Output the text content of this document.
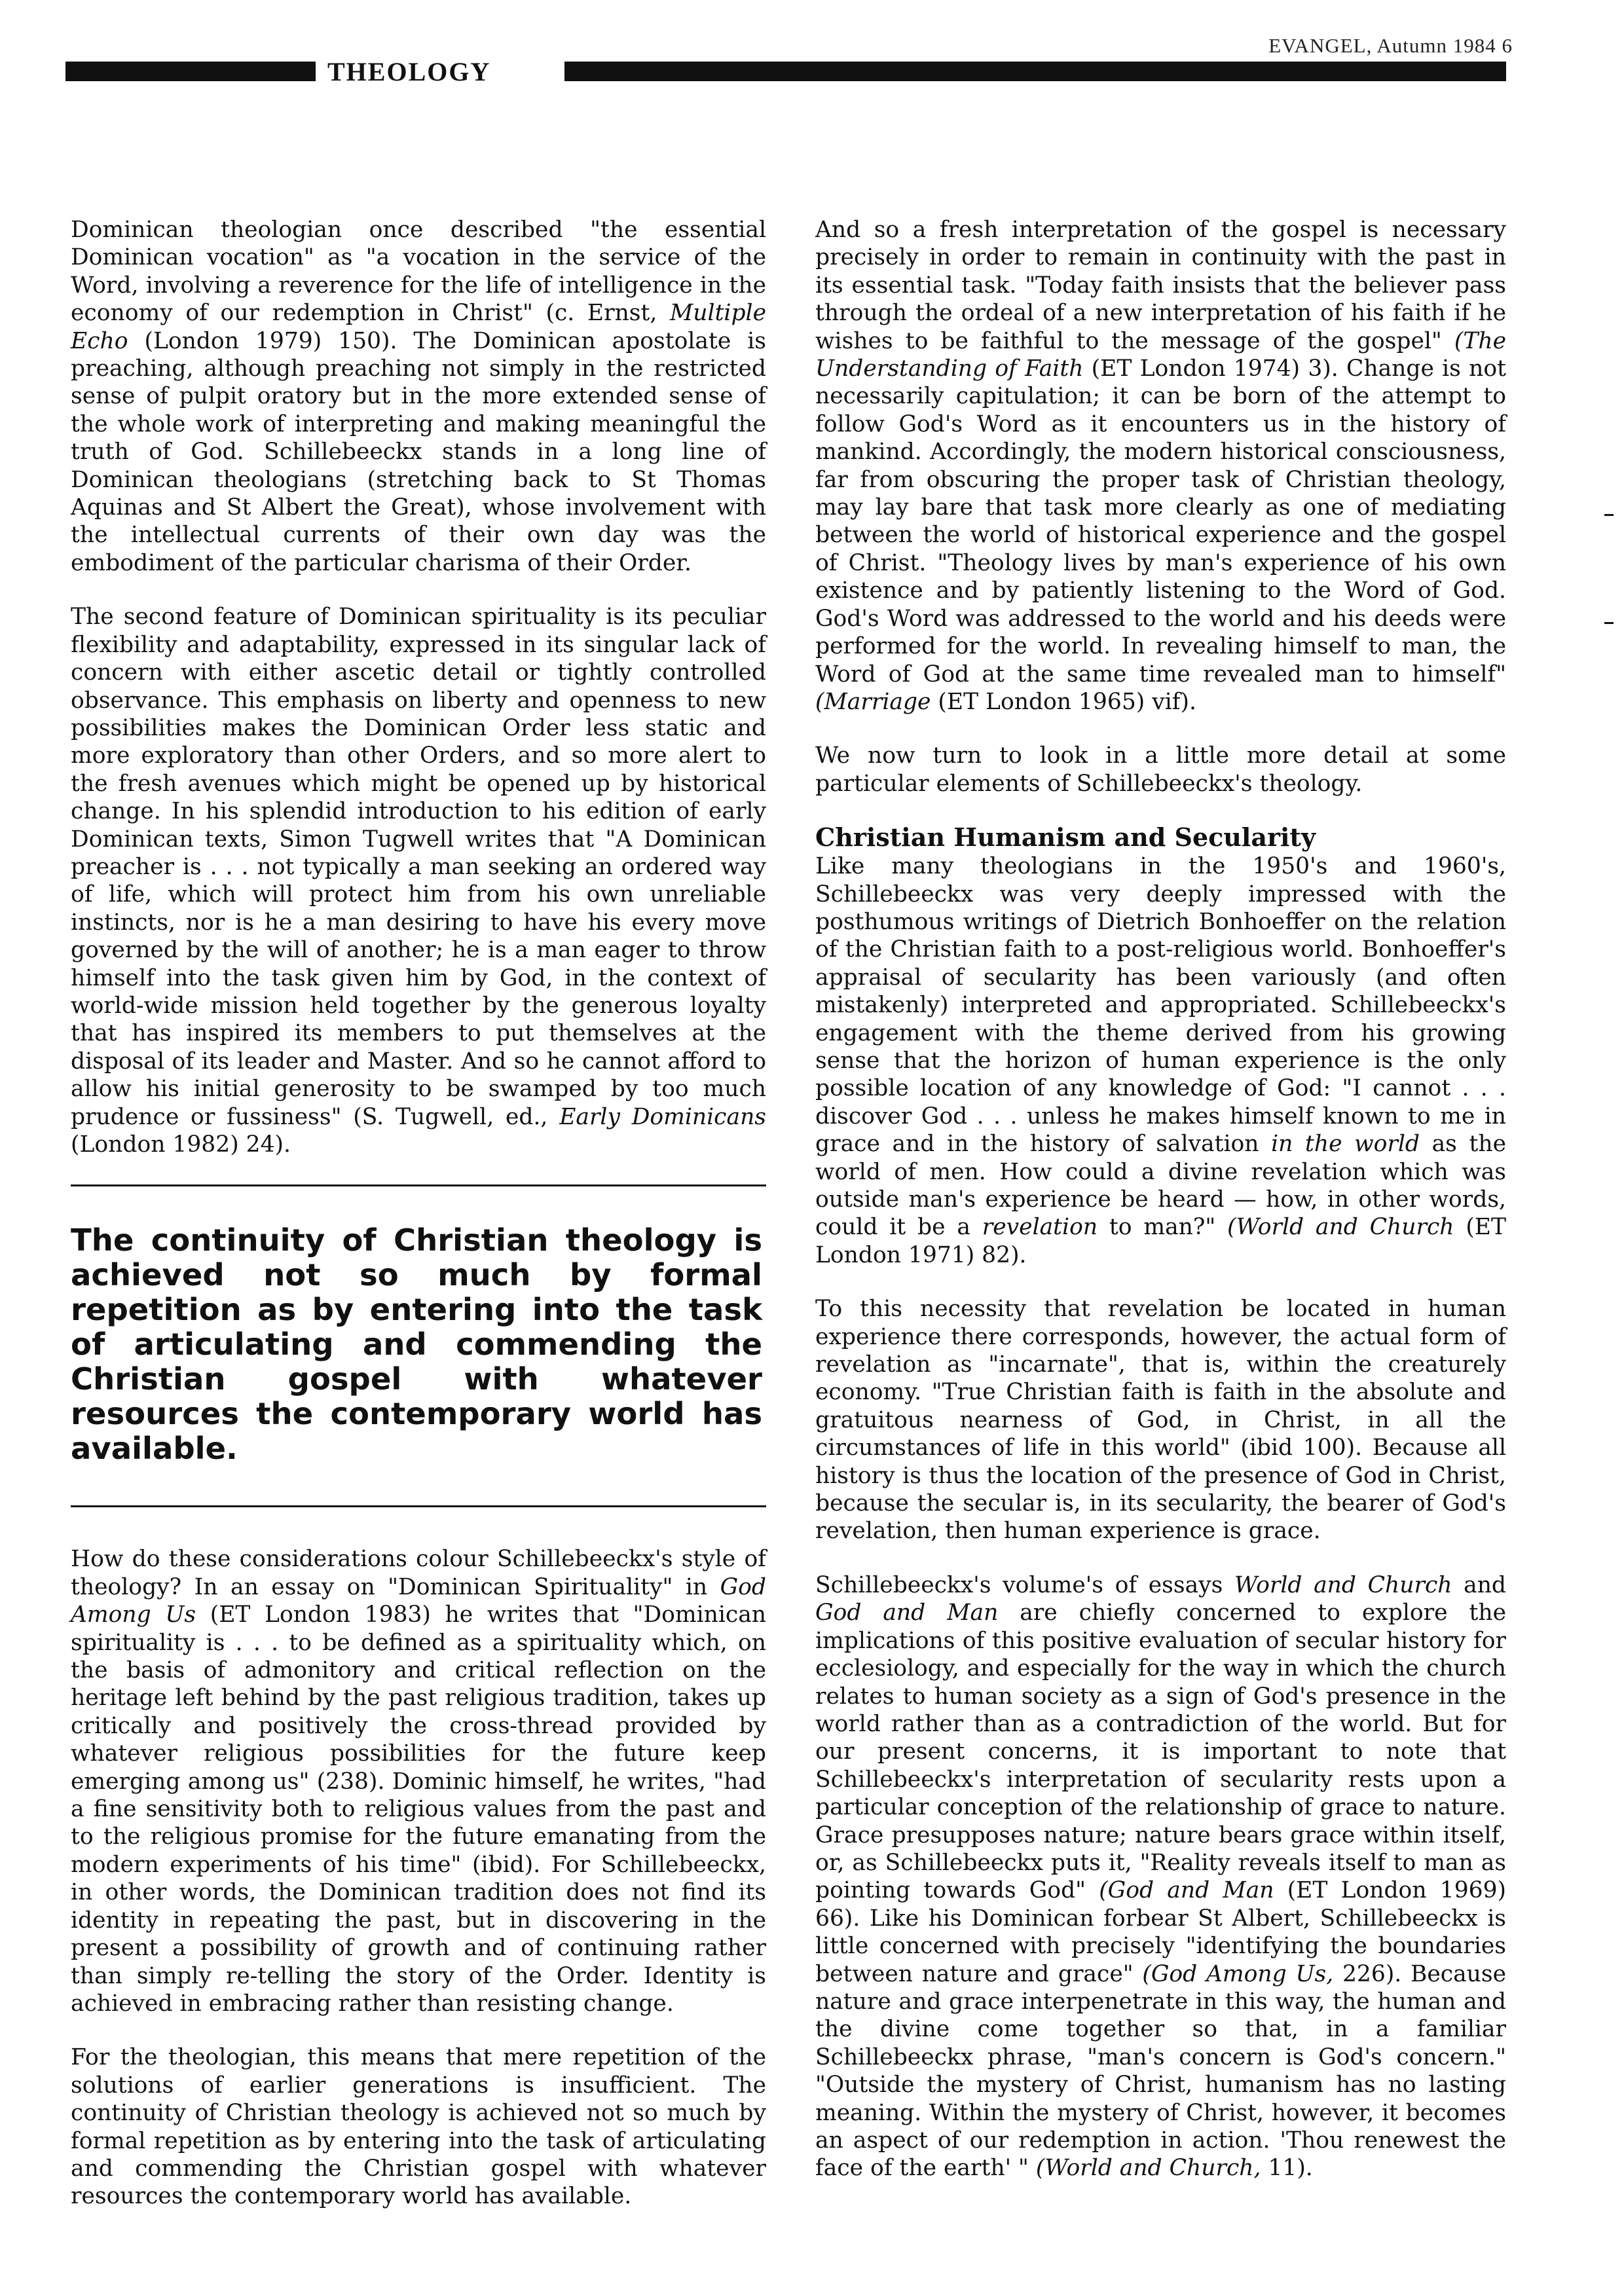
EVANGEL, Autumn 1984 6
THEOLOGY

Dominican theologian once described "the essential Dominican vocation" as "a vocation in the service of the Word, involving a reverence for the life of intelligence in the economy of our redemption in Christ" (c. Ernst, Multiple Echo (London 1979) 150). The Dominican apostolate is preaching, although preaching not simply in the restricted sense of pulpit oratory but in the more extended sense of the whole work of interpreting and making meaningful the truth of God. Schillebeeckx stands in a long line of Dominican theologians (stretching back to St Thomas Aquinas and St Albert the Great), whose involvement with the intellectual currents of their own day was the embodiment of the particular charisma of their Order.

The second feature of Dominican spirituality is its peculiar flexibility and adaptability, expressed in its singular lack of concern with either ascetic detail or tightly controlled observance. This emphasis on liberty and openness to new possibilities makes the Dominican Order less static and more exploratory than other Orders, and so more alert to the fresh avenues which might be opened up by historical change. In his splendid introduction to his edition of early Dominican texts, Simon Tugwell writes that "A Dominican preacher is . . . not typically a man seeking an ordered way of life, which will protect him from his own unreliable instincts, nor is he a man desiring to have his every move governed by the will of another; he is a man eager to throw himself into the task given him by God, in the context of world-wide mission held together by the generous loyalty that has inspired its members to put themselves at the disposal of its leader and Master. And so he cannot afford to allow his initial generosity to be swamped by too much prudence or fussiness" (S. Tugwell, ed., Early Dominicans (London 1982) 24).

The continuity of Christian theology is achieved not so much by formal repetition as by entering into the task of articulating and commending the Christian gospel with whatever resources the contemporary world has available.

How do these considerations colour Schillebeeckx's style of theology? In an essay on "Dominican Spirituality" in God Among Us (ET London 1983) he writes that "Dominican spirituality is . . . to be defined as a spirituality which, on the basis of admonitory and critical reflection on the heritage left behind by the past religious tradition, takes up critically and positively the cross-thread provided by whatever religious possibilities for the future keep emerging among us" (238). Dominic himself, he writes, "had a fine sensitivity both to religious values from the past and to the religious promise for the future emanating from the modern experiments of his time" (ibid). For Schillebeeckx, in other words, the Dominican tradition does not find its identity in repeating the past, but in discovering in the present a possibility of growth and of continuing rather than simply re-telling the story of the Order. Identity is achieved in embracing rather than resisting change.

For the theologian, this means that mere repetition of the solutions of earlier generations is insufficient. The continuity of Christian theology is achieved not so much by formal repetition as by entering into the task of articulating and commending the Christian gospel with whatever resources the contemporary world has available.

And so a fresh interpretation of the gospel is necessary precisely in order to remain in continuity with the past in its essential task. "Today faith insists that the believer pass through the ordeal of a new interpretation of his faith if he wishes to be faithful to the message of the gospel" (The Understanding of Faith (ET London 1974) 3). Change is not necessarily capitulation; it can be born of the attempt to follow God's Word as it encounters us in the history of mankind. Accordingly, the modern historical consciousness, far from obscuring the proper task of Christian theology, may lay bare that task more clearly as one of mediating between the world of historical experience and the gospel of Christ. "Theology lives by man's experience of his own existence and by patiently listening to the Word of God. God's Word was addressed to the world and his deeds were performed for the world. In revealing himself to man, the Word of God at the same time revealed man to himself" (Marriage (ET London 1965) vif).

We now turn to look in a little more detail at some particular elements of Schillebeeckx's theology.

Christian Humanism and Secularity

Like many theologians in the 1950's and 1960's, Schillebeeckx was very deeply impressed with the posthumous writings of Dietrich Bonhoeffer on the relation of the Christian faith to a post-religious world. Bonhoeffer's appraisal of secularity has been variously (and often mistakenly) interpreted and appropriated. Schillebeeckx's engagement with the theme derived from his growing sense that the horizon of human experience is the only possible location of any knowledge of God: "I cannot . . . discover God . . . unless he makes himself known to me in grace and in the history of salvation in the world as the world of men. How could a divine revelation which was outside man's experience be heard — how, in other words, could it be a revelation to man?" (World and Church (ET London 1971) 82).

To this necessity that revelation be located in human experience there corresponds, however, the actual form of revelation as "incarnate", that is, within the creaturely economy. "True Christian faith is faith in the absolute and gratuitous nearness of God, in Christ, in all the circumstances of life in this world" (ibid 100). Because all history is thus the location of the presence of God in Christ, because the secular is, in its secularity, the bearer of God's revelation, then human experience is grace.

Schillebeeckx's volume's of essays World and Church and God and Man are chiefly concerned to explore the implications of this positive evaluation of secular history for ecclesiology, and especially for the way in which the church relates to human society as a sign of God's presence in the world rather than as a contradiction of the world. But for our present concerns, it is important to note that Schillebeeckx's interpretation of secularity rests upon a particular conception of the relationship of grace to nature. Grace presupposes nature; nature bears grace within itself, or, as Schillebeeckx puts it, "Reality reveals itself to man as pointing towards God" (God and Man (ET London 1969) 66). Like his Dominican forbear St Albert, Schillebeeckx is little concerned with precisely "identifying the boundaries between nature and grace" (God Among Us, 226). Because nature and grace interpenetrate in this way, the human and the divine come together so that, in a familiar Schillebeeckx phrase, "man's concern is God's concern." "Outside the mystery of Christ, humanism has no lasting meaning. Within the mystery of Christ, however, it becomes an aspect of our redemption in action. 'Thou renewest the face of the earth' " (World and Church, 11).
